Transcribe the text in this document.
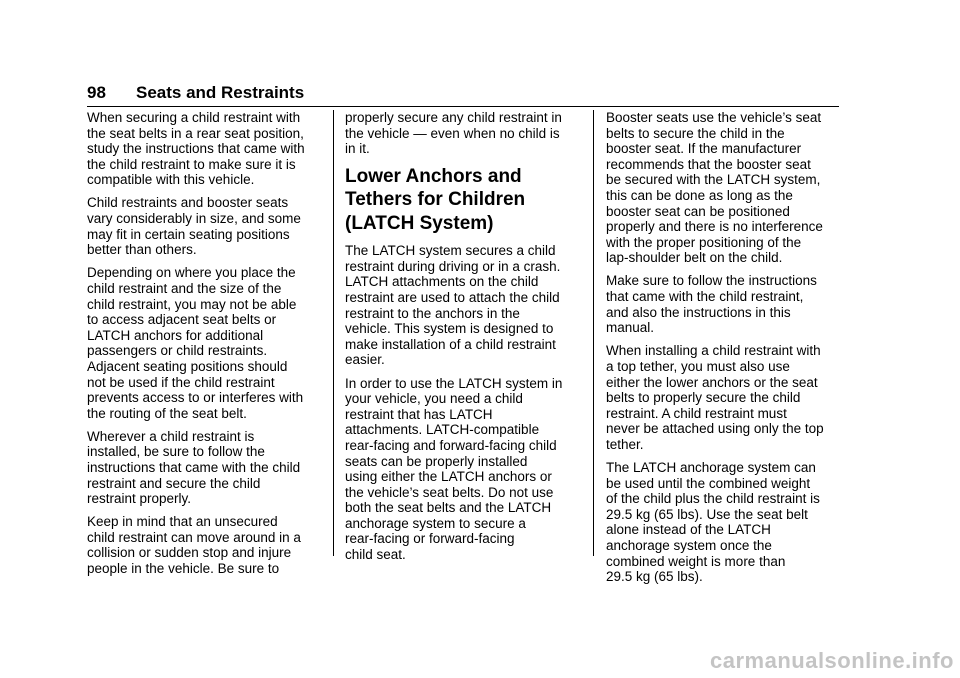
98 Seats and Restraints

When securing a child restraint with
the seat belts in a rear seat position,
study the instructions that came with
the child restraint to make sure it is
compatible with this vehicle.

Child restraints and booster seats
vary considerably in size, and some
may fit in certain seating positions
better than others.

Depending on where you place the
child restraint and the size of the
child restraint, you may not be able
to access adjacent seat belts or
LATCH anchors for additional
passengers or child restraints.
Adjacent seating positions should
not be used if the child restraint
prevents access to or interferes with
the routing of the seat belt.

Wherever a child restraint is
installed, be sure to follow the
instructions that came with the child
restraint and secure the child
restraint properly.

Keep in mind that an unsecured
child restraint can move around in a
collision or sudden stop and injure
people in the vehicle. Be sure to

properly secure any child restraint in
the vehicle — even when no child is
in it.

Lower Anchors and
Tethers for Children
(LATCH System)

The LATCH system secures a child
restraint during driving or in a crash.
LATCH attachments on the child
restraint are used to attach the child
restraint to the anchors in the
vehicle. This system is designed to
make installation of a child restraint
easier.

In order to use the LATCH system in
your vehicle, you need a child
restraint that has LATCH
attachments. LATCH-compatible
rear-facing and forward-facing child
seats can be properly installed
using either the LATCH anchors or
the vehicle’s seat belts. Do not use
both the seat belts and the LATCH
anchorage system to secure a
rear-facing or forward-facing
child seat.

Booster seats use the vehicle’s seat
belts to secure the child in the
booster seat. If the manufacturer
recommends that the booster seat
be secured with the LATCH system,
this can be done as long as the
booster seat can be positioned
properly and there is no interference
with the proper positioning of the
lap-shoulder belt on the child.

Make sure to follow the instructions
that came with the child restraint,
and also the instructions in this
manual.

When installing a child restraint with
a top tether, you must also use
either the lower anchors or the seat
belts to properly secure the child
restraint. A child restraint must
never be attached using only the top
tether.

The LATCH anchorage system can
be used until the combined weight
of the child plus the child restraint is
29.5 kg (65 lbs). Use the seat belt
alone instead of the LATCH
anchorage system once the
combined weight is more than
29.5 kg (65 lbs).

carmanualsonline.info
